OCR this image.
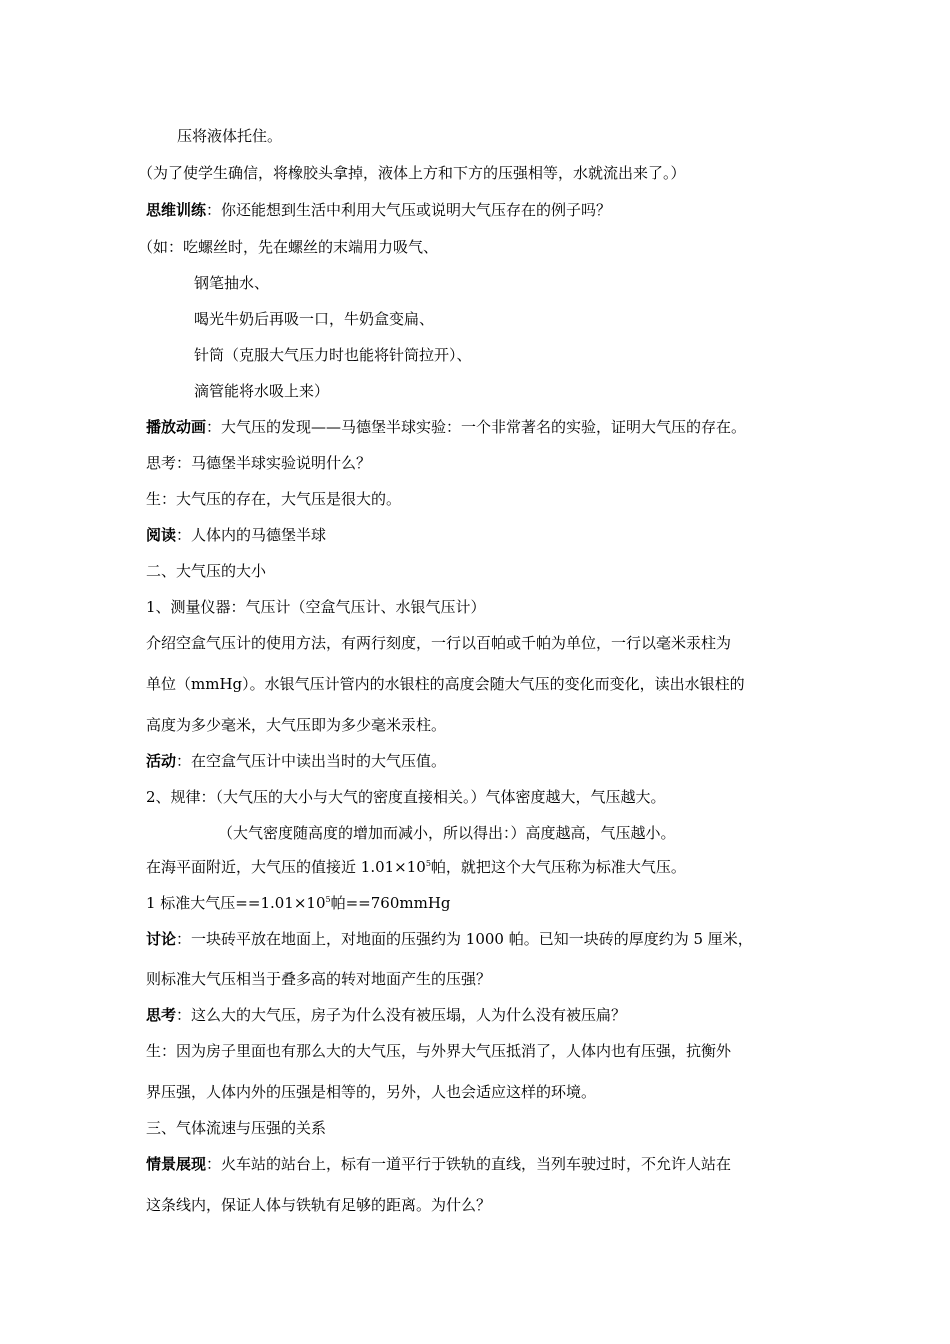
压将液体托住。
（为了使学生确信，将橡胶头拿掉，液体上方和下方的压强相等，水就流出来了。）
思维训练：你还能想到生活中利用大气压或说明大气压存在的例子吗？
（如：吃螺丝时，先在螺丝的末端用力吸气、
钢笔抽水、
喝光牛奶后再吸一口，牛奶盒变扁、
针筒（克服大气压力时也能将针筒拉开）、
滴管能将水吸上来）
播放动画：大气压的发现——马德堡半球实验：一个非常著名的实验，证明大气压的存在。
思考：马德堡半球实验说明什么？
生：大气压的存在，大气压是很大的。
阅读：人体内的马德堡半球
二、大气压的大小
1、测量仪器：气压计（空盒气压计、水银气压计）
介绍空盒气压计的使用方法，有两行刻度，一行以百帕或千帕为单位，一行以毫米汞柱为
单位（mmHg）。水银气压计管内的水银柱的高度会随大气压的变化而变化，读出水银柱的
高度为多少毫米，大气压即为多少毫米汞柱。
活动：在空盒气压计中读出当时的大气压值。
2、规律：（大气压的大小与大气的密度直接相关。）气体密度越大，气压越大。
（大气密度随高度的增加而减小，所以得出：）高度越高，气压越小。
在海平面附近，大气压的值接近 $1.01\times 10^5$帕，就把这个大气压称为标准大气压。
1 标准大气压$==1.01\times 10^5$帕==760mmHg
讨论：一块砖平放在地面上，对地面的压强约为 1000 帕。已知一块砖的厚度约为 5 厘米，
则标准大气压相当于叠多高的转对地面产生的压强？
思考：这么大的大气压，房子为什么没有被压塌，人为什么没有被压扁？
生：因为房子里面也有那么大的大气压，与外界大气压抵消了，人体内也有压强，抗衡外
界压强，人体内外的压强是相等的，另外，人也会适应这样的环境。
三、气体流速与压强的关系
情景展现：火车站的站台上，标有一道平行于铁轨的直线，当列车驶过时，不允许人站在
这条线内，保证人体与铁轨有足够的距离。为什么？
